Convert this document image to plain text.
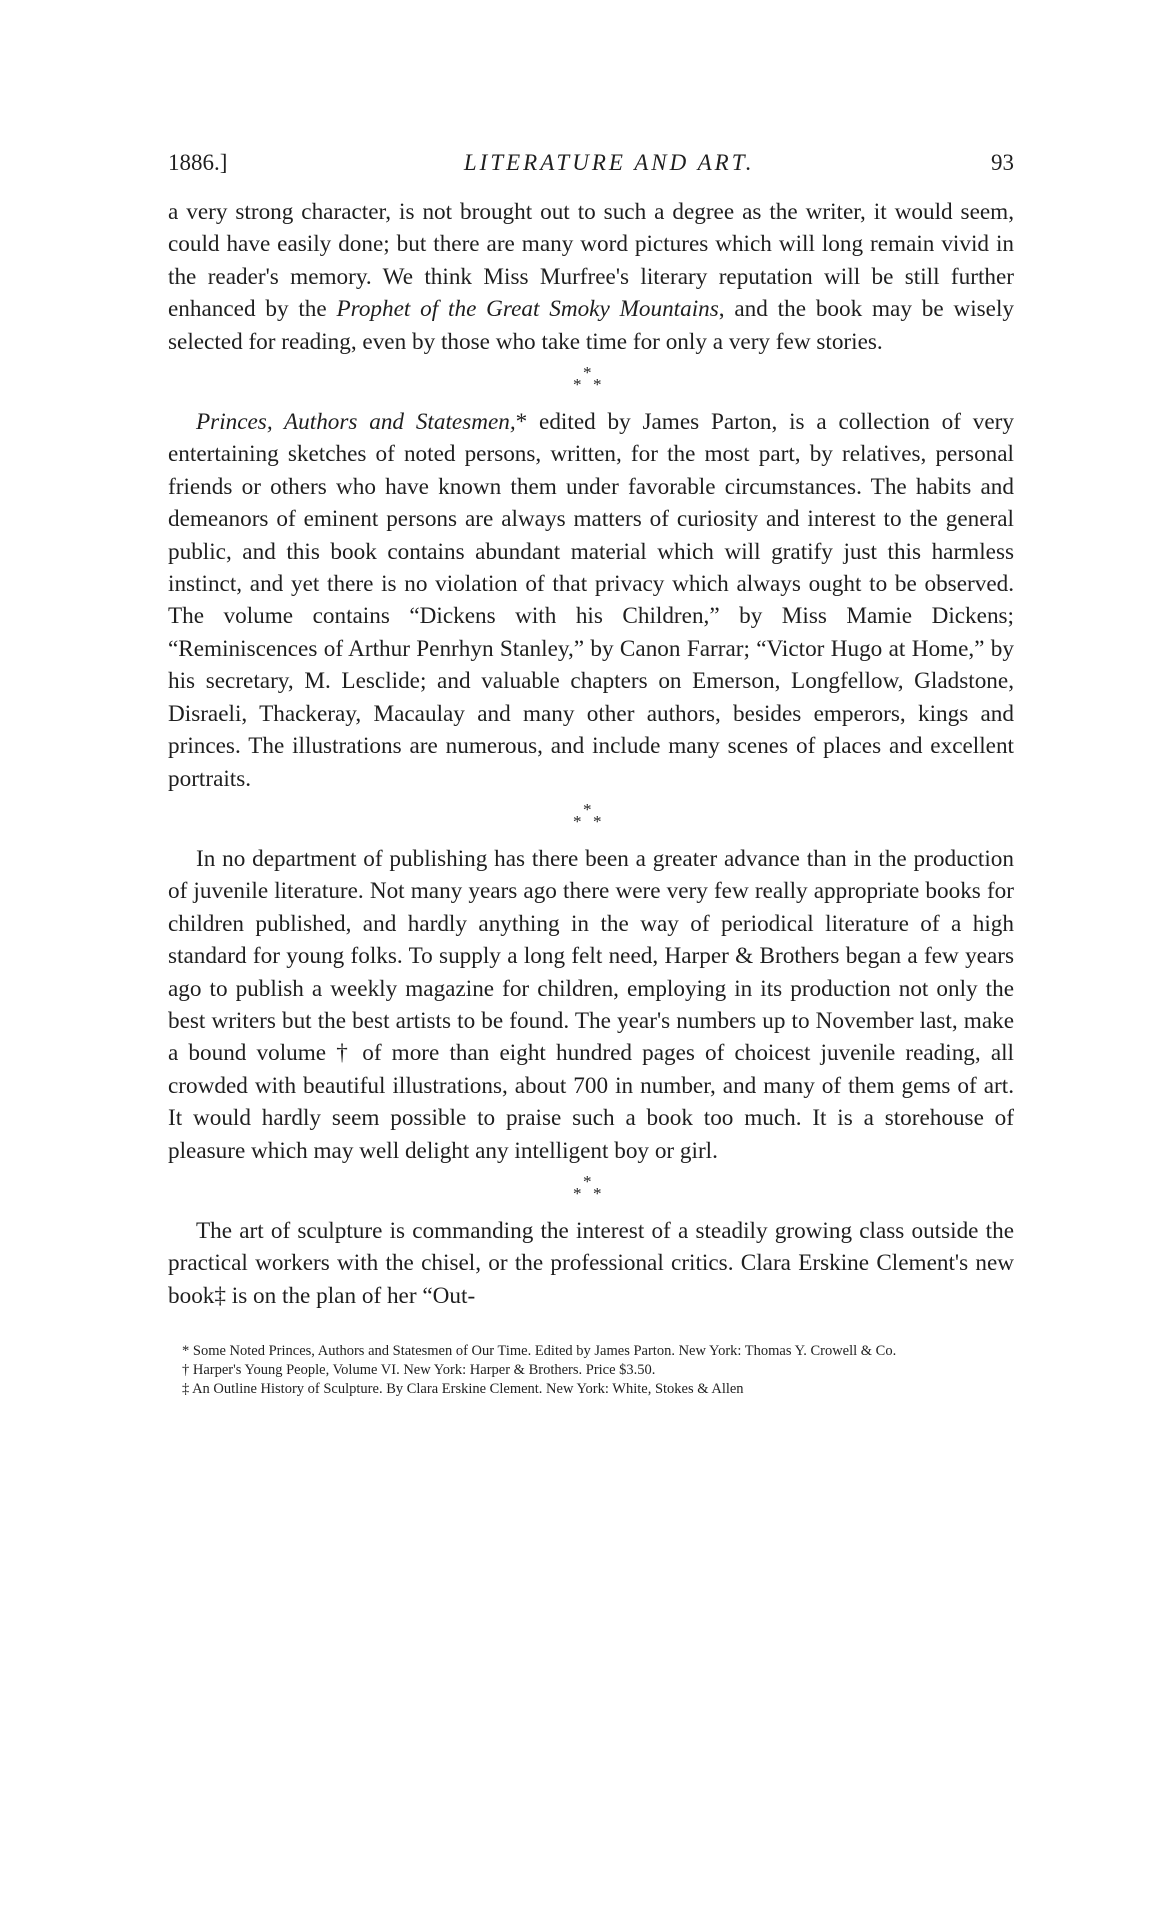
1886.]	LITERATURE AND ART.	93

a very strong character, is not brought out to such a degree as the writer, it would seem, could have easily done; but there are many word pictures which will long remain vivid in the reader's memory. We think Miss Murfree's literary reputation will be still further enhanced by the Prophet of the Great Smoky Mountains, and the book may be wisely selected for reading, even by those who take time for only a very few stories.

*
* *

Princes, Authors and Statesmen,* edited by James Parton, is a collection of very entertaining sketches of noted persons, written, for the most part, by relatives, personal friends or others who have known them under favorable circumstances. The habits and demeanors of eminent persons are always matters of curiosity and interest to the general public, and this book contains abundant material which will gratify just this harmless instinct, and yet there is no violation of that privacy which always ought to be observed. The volume contains “Dickens with his Children,” by Miss Mamie Dickens; “Reminiscences of Arthur Penrhyn Stanley,” by Canon Farrar; “Victor Hugo at Home,” by his secretary, M. Lesclide; and valuable chapters on Emerson, Longfellow, Gladstone, Disraeli, Thackeray, Macaulay and many other authors, besides emperors, kings and princes. The illustrations are numerous, and include many scenes of places and excellent portraits.

*
* *

In no department of publishing has there been a greater advance than in the production of juvenile literature. Not many years ago there were very few really appropriate books for children published, and hardly anything in the way of periodical literature of a high standard for young folks. To supply a long felt need, Harper & Brothers began a few years ago to publish a weekly magazine for children, employing in its production not only the best writers but the best artists to be found. The year's numbers up to November last, make a bound volume † of more than eight hundred pages of choicest juvenile reading, all crowded with beautiful illustrations, about 700 in number, and many of them gems of art. It would hardly seem possible to praise such a book too much. It is a storehouse of pleasure which may well delight any intelligent boy or girl.

*
* *

The art of sculpture is commanding the interest of a steadily growing class outside the practical workers with the chisel, or the professional critics. Clara Erskine Clement's new book‡ is on the plan of her “Out-

* Some Noted Princes, Authors and Statesmen of Our Time. Edited by James Parton. New York: Thomas Y. Crowell & Co.

† Harper's Young People, Volume VI. New York: Harper & Brothers. Price $3.50.

‡ An Outline History of Sculpture. By Clara Erskine Clement. New York: White, Stokes & Allen
